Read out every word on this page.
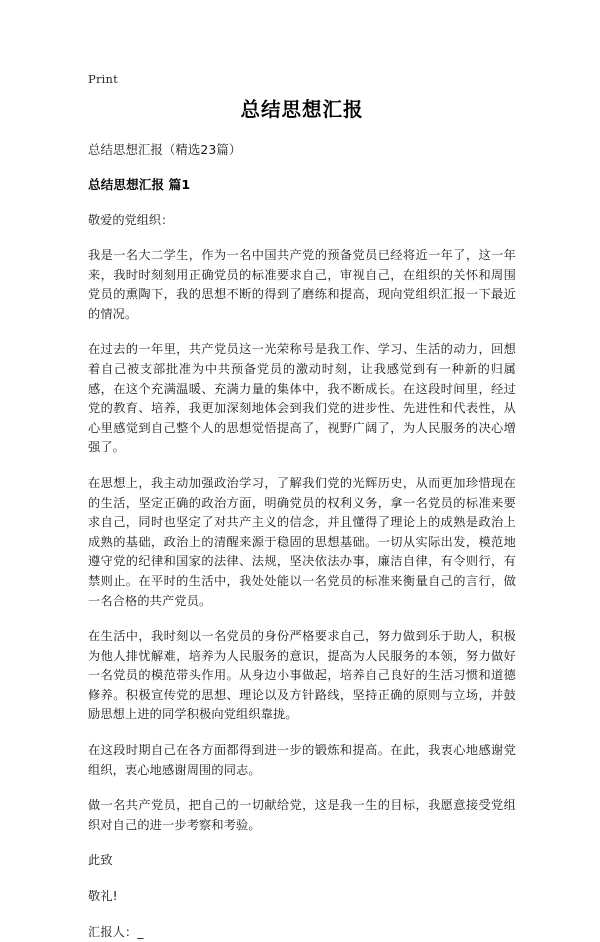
Print
总结思想汇报
总结思想汇报（精选23篇）
总结思想汇报 篇1
敬爱的党组织：

我是一名大二学生，作为一名中国共产党的预备党员已经将近一年了，这一年来，我时时刻刻用正确党员的标准要求自己，审视自己，在组织的关怀和周围党员的熏陶下，我的思想不断的得到了磨练和提高，现向党组织汇报一下最近的情况。

在过去的一年里，共产党员这一光荣称号是我工作、学习、生活的动力，回想着自己被支部批准为中共预备党员的激动时刻，让我感觉到有一种新的归属感，在这个充满温暖、充满力量的集体中，我不断成长。在这段时间里，经过党的教育、培养，我更加深刻地体会到我们党的进步性、先进性和代表性，从心里感觉到自己整个人的思想觉悟提高了，视野广阔了，为人民服务的决心增强了。

在思想上，我主动加强政治学习，了解我们党的光辉历史，从而更加珍惜现在的生活，坚定正确的政治方面，明确党员的权利义务，拿一名党员的标准来要求自己，同时也坚定了对共产主义的信念，并且懂得了理论上的成熟是政治上成熟的基础，政治上的清醒来源于稳固的思想基础。一切从实际出发，模范地遵守党的纪律和国家的法律、法规，坚决依法办事，廉洁自律，有令则行，有禁则止。在平时的生活中，我处处能以一名党员的标准来衡量自己的言行，做一名合格的共产党员。

在生活中，我时刻以一名党员的身份严格要求自己，努力做到乐于助人，积极为他人排忧解难，培养为人民服务的意识，提高为人民服务的本领，努力做好一名党员的模范带头作用。从身边小事做起，培养自己良好的生活习惯和道德修养。积极宣传党的思想、理论以及方针路线，坚持正确的原则与立场，并鼓励思想上进的同学积极向党组织靠拢。

在这段时期自己在各方面都得到进一步的锻炼和提高。在此，我衷心地感谢党组织，衷心地感谢周围的同志。

做一名共产党员，把自己的一切献给党，这是我一生的目标，我愿意接受党组织对自己的进一步考察和考验。

此致

敬礼!

汇报人：_
